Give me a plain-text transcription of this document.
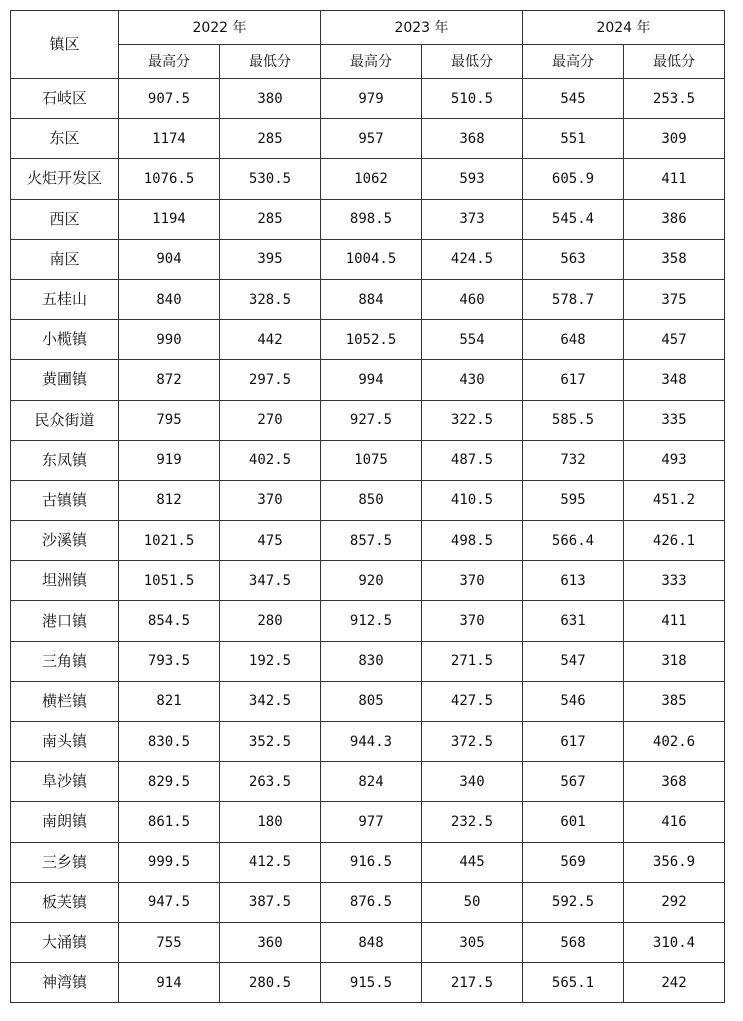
镇区	2022 年		2023 年		2024 年	
	最高分	最低分	最高分	最低分	最高分	最低分
石岐区	907.5	380	979	510.5	545	253.5
东区	1174	285	957	368	551	309
火炬开发区	1076.5	530.5	1062	593	605.9	411
西区	1194	285	898.5	373	545.4	386
南区	904	395	1004.5	424.5	563	358
五桂山	840	328.5	884	460	578.7	375
小榄镇	990	442	1052.5	554	648	457
黄圃镇	872	297.5	994	430	617	348
民众街道	795	270	927.5	322.5	585.5	335
东凤镇	919	402.5	1075	487.5	732	493
古镇镇	812	370	850	410.5	595	451.2
沙溪镇	1021.5	475	857.5	498.5	566.4	426.1
坦洲镇	1051.5	347.5	920	370	613	333
港口镇	854.5	280	912.5	370	631	411
三角镇	793.5	192.5	830	271.5	547	318
横栏镇	821	342.5	805	427.5	546	385
南头镇	830.5	352.5	944.3	372.5	617	402.6
阜沙镇	829.5	263.5	824	340	567	368
南朗镇	861.5	180	977	232.5	601	416
三乡镇	999.5	412.5	916.5	445	569	356.9
板芙镇	947.5	387.5	876.5	50	592.5	292
大涌镇	755	360	848	305	568	310.4
神湾镇	914	280.5	915.5	217.5	565.1	242
